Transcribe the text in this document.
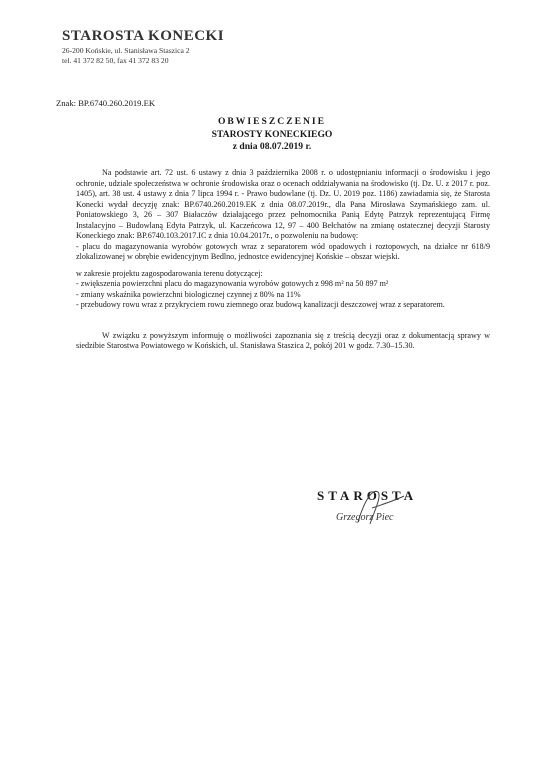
STAROSTA KONECKI
26-200 Końskie, ul. Stanisława Staszica 2
tel. 41 372 82 50, fax 41 372 83 20
Znak: BP.6740.260.2019.EK
OBWIESZCZENIE
STAROSTY KONECKIEGO
z dnia 08.07.2019 r.

Na podstawie art. 72 ust. 6 ustawy z dnia 3 października 2008 r. o udostępnianiu informacji o środowisku i jego ochronie, udziale społeczeństwa w ochronie środowiska oraz o ocenach oddziaływania na środowisko (tj. Dz. U. z 2017 r. poz. 1405), art. 38 ust. 4 ustawy z dnia 7 lipca 1994 r. - Prawo budowlane (tj. Dz. U. 2019 poz. 1186) zawiadamia się, że Starosta Konecki wydał decyzję znak: BP.6740.260.2019.EK z dnia 08.07.2019r., dla Pana Mirosława Szymańskiego zam. ul. Poniatowskiego 3, 26 – 307 Białaczów działającego przez pełnomocnika Panią Edytę Patrzyk reprezentującą Firmę Instalacyjno – Budowlaną Edyta Patrzyk, ul. Kaczeńcowa 12, 97 – 400 Bełchatów na zmianę ostatecznej decyzji Starosty Koneckiego znak: BP.6740.103.2017.IC z dnia 10.04.2017r., o pozwoleniu na budowę:

- placu do magazynowania wyrobów gotowych wraz z separatorem wód opadowych i roztopowych, na działce nr 618/9 zlokalizowanej w obrębie ewidencyjnym Bedlno, jednostce ewidencyjnej Końskie – obszar wiejski.

w zakresie projektu zagospodarowania terenu dotyczącej:

- zwiększenia powierzchni placu do magazynowania wyrobów gotowych z 998 m² na 50 897 m²

- zmiany wskaźnika powierzchni biologicznej czynnej z 80% na 11%

- przebudowy rowu wraz z przykryciem rowu ziemnego oraz budową kanalizacji deszczowej wraz z separatorem.

W związku z powyższym informuję o możliwości zapoznania się z treścią decyzji oraz z dokumentacją sprawy w siedzibie Starostwa Powiatowego w Końskich, ul. Stanisława Staszica 2, pokój 201 w godz. 7.30–15.30.

STAROSTA
Grzegorz Piec
